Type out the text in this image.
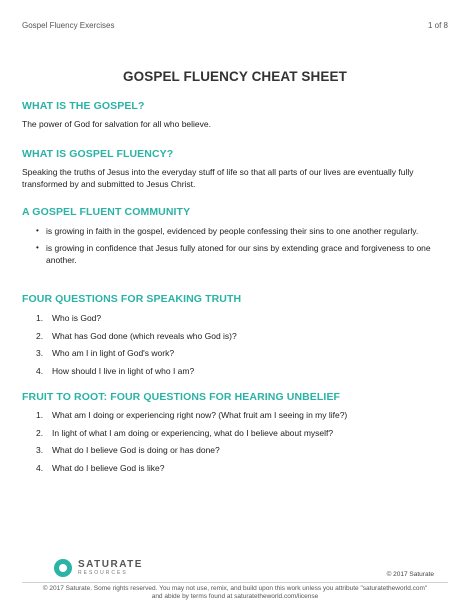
Gospel Fluency Exercises	1 of 8
GOSPEL FLUENCY CHEAT SHEET
WHAT IS THE GOSPEL?
The power of God for salvation for all who believe.
WHAT IS GOSPEL FLUENCY?
Speaking the truths of Jesus into the everyday stuff of life so that all parts of our lives are eventually fully transformed by and submitted to Jesus Christ.
A GOSPEL FLUENT COMMUNITY
• is growing in faith in the gospel, evidenced by people confessing their sins to one another regularly.
• is growing in confidence that Jesus fully atoned for our sins by extending grace and forgiveness to one another.
FOUR QUESTIONS FOR SPEAKING TRUTH
1. Who is God?
2. What has God done (which reveals who God is)?
3. Who am I in light of God's work?
4. How should I live in light of who I am?
FRUIT TO ROOT: FOUR QUESTIONS FOR HEARING UNBELIEF
1. What am I doing or experiencing right now? (What fruit am I seeing in my life?)
2. In light of what I am doing or experiencing, what do I believe about myself?
3. What do I believe God is doing or has done?
4. What do I believe God is like?
SATURATE
RESOURCES	© 2017 Saturate
© 2017 Saturate. Some rights reserved. You may not use, remix, and build upon this work unless you attribute "saturatetheworld.com" and abide by terms found at saturatetheworld.com/license
